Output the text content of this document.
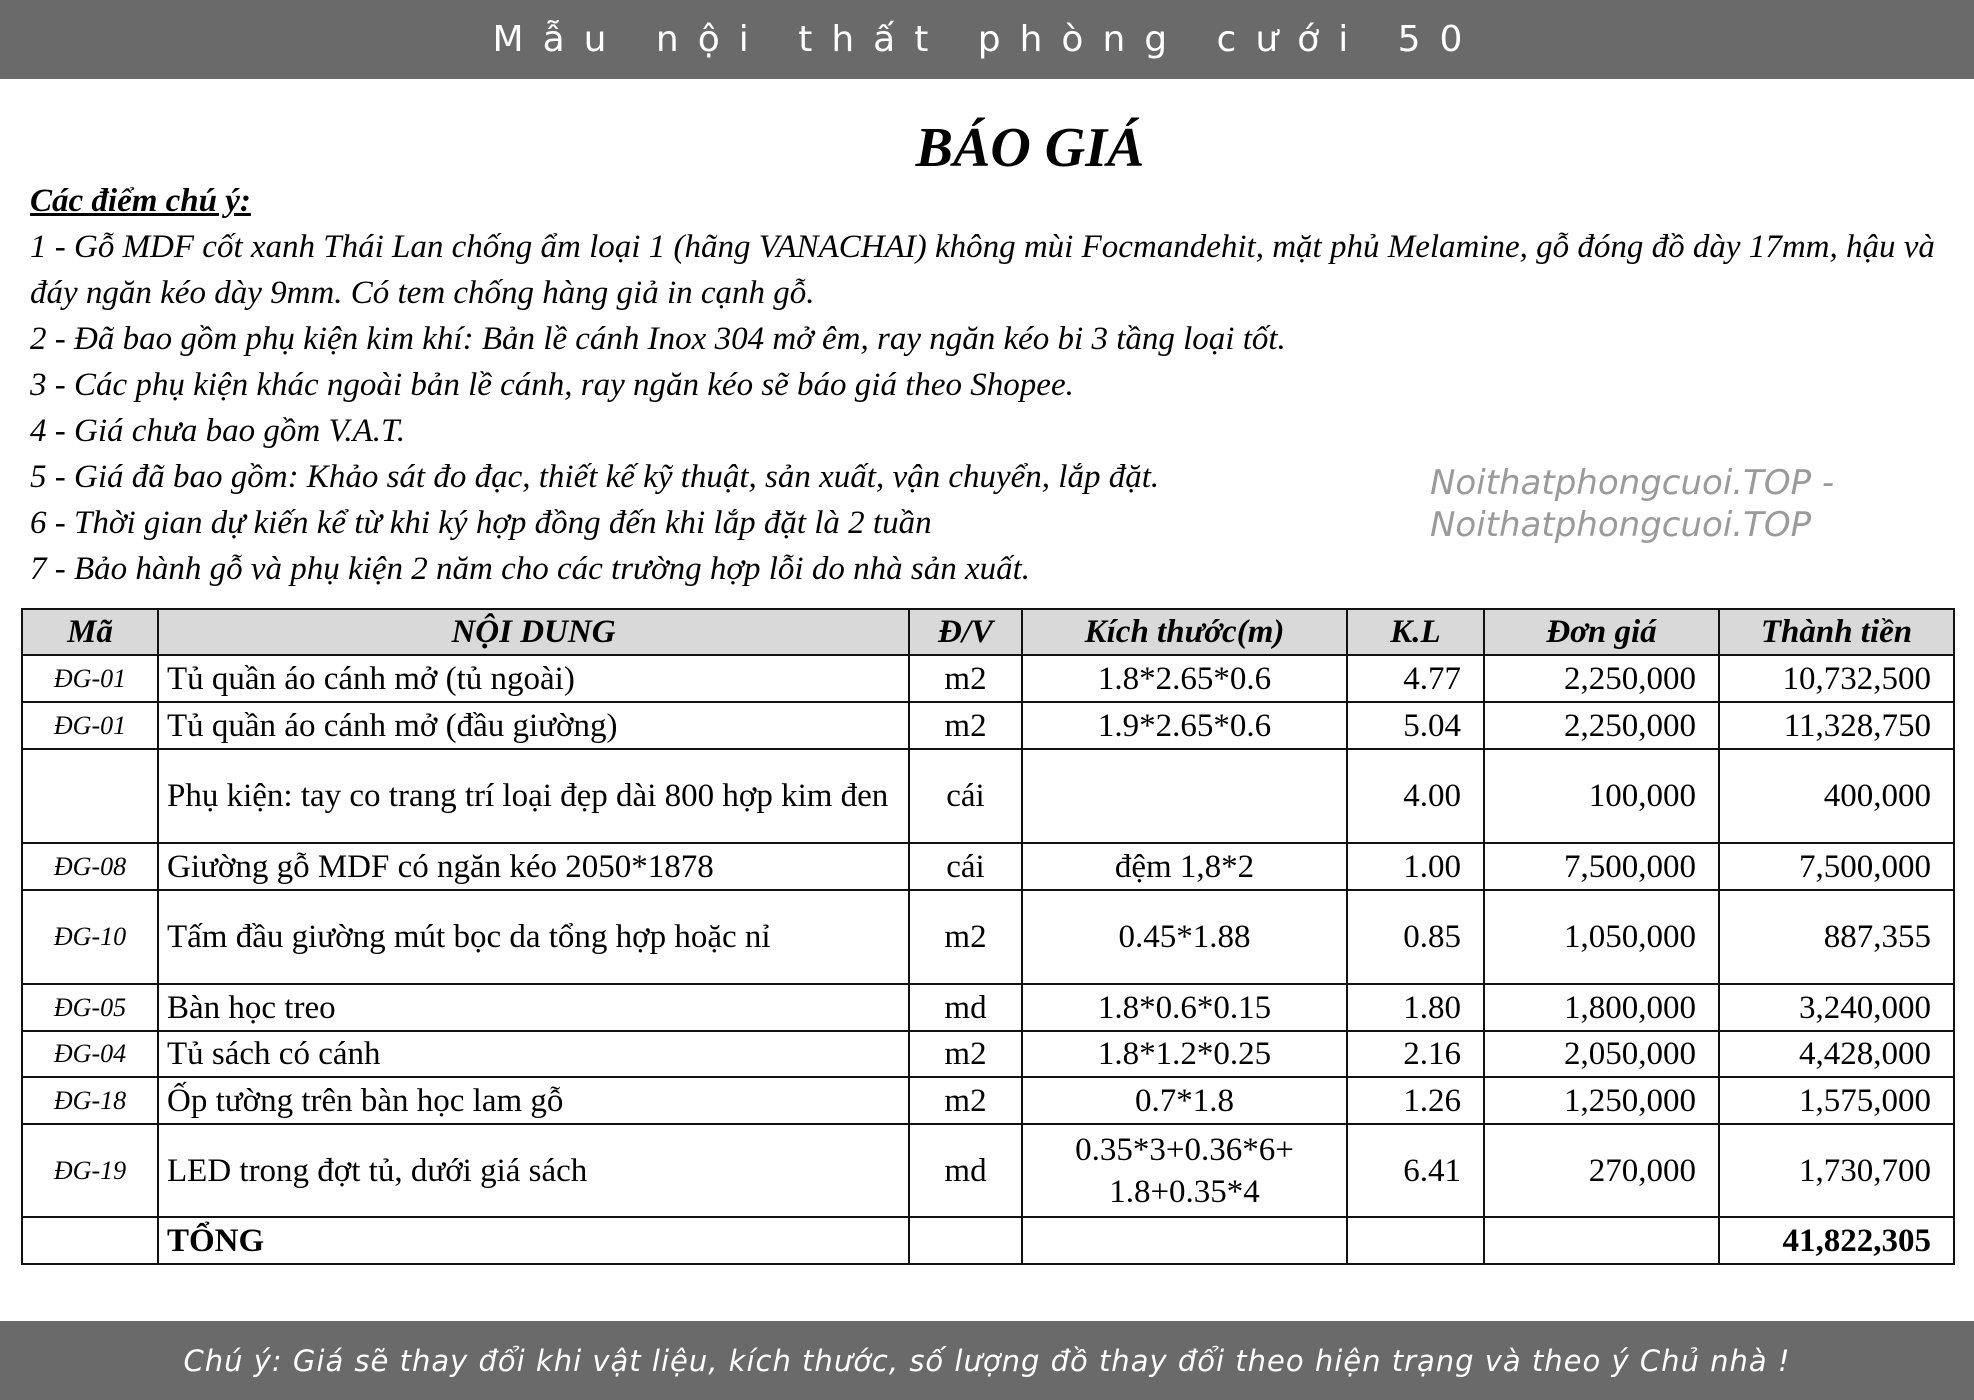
Mẫu nội thất phòng cưới 50
BÁO GIÁ
Các điểm chú ý:
1 - Gỗ MDF cốt xanh Thái Lan chống ẩm loại 1 (hãng VANACHAI) không mùi Focmandehit, mặt phủ Melamine, gỗ đóng đồ dày 17mm, hậu và đáy ngăn kéo dày 9mm. Có tem chống hàng giả in cạnh gỗ.
2 - Đã bao gồm phụ kiện kim khí: Bản lề cánh Inox 304 mở êm, ray ngăn kéo bi 3 tầng loại tốt.
3 - Các phụ kiện khác ngoài bản lề cánh, ray ngăn kéo sẽ báo giá theo Shopee.
4 - Giá chưa bao gồm V.A.T.
5 - Giá đã bao gồm: Khảo sát đo đạc, thiết kế kỹ thuật, sản xuất, vận chuyển, lắp đặt.
6 - Thời gian dự kiến kể từ khi ký hợp đồng đến khi lắp đặt là 2 tuần
7 - Bảo hành gỗ và phụ kiện 2 năm cho các trường hợp lỗi do nhà sản xuất.
Mã	NỘI DUNG	Đ/V	Kích thước(m)	K.L	Đơn giá	Thành tiền
ĐG-01	Tủ quần áo cánh mở (tủ ngoài)	m2	1.8*2.65*0.6	4.77	2,250,000	10,732,500
ĐG-01	Tủ quần áo cánh mở (đầu giường)	m2	1.9*2.65*0.6	5.04	2,250,000	11,328,750
	Phụ kiện: tay co trang trí loại đẹp dài 800 hợp kim đen	cái		4.00	100,000	400,000
ĐG-08	Giường gỗ MDF có ngăn kéo 2050*1878	cái	đệm 1,8*2	1.00	7,500,000	7,500,000
ĐG-10	Tấm đầu giường mút bọc da tổng hợp hoặc nỉ	m2	0.45*1.88	0.85	1,050,000	887,355
ĐG-05	Bàn học treo	md	1.8*0.6*0.15	1.80	1,800,000	3,240,000
ĐG-04	Tủ sách có cánh	m2	1.8*1.2*0.25	2.16	2,050,000	4,428,000
ĐG-18	Ốp tường trên bàn học lam gỗ	m2	0.7*1.8	1.26	1,250,000	1,575,000
ĐG-19	LED trong đợt tủ, dưới giá sách	md	0.35*3+0.36*6+ 1.8+0.35*4	6.41	270,000	1,730,700
	TỔNG					41,822,305
Noithatphongcuoi.TOP - Noithatphongcuoi.TOP
Chú ý: Giá sẽ thay đổi khi vật liệu, kích thước, số lượng đồ thay đổi theo hiện trạng và theo ý Chủ nhà !
